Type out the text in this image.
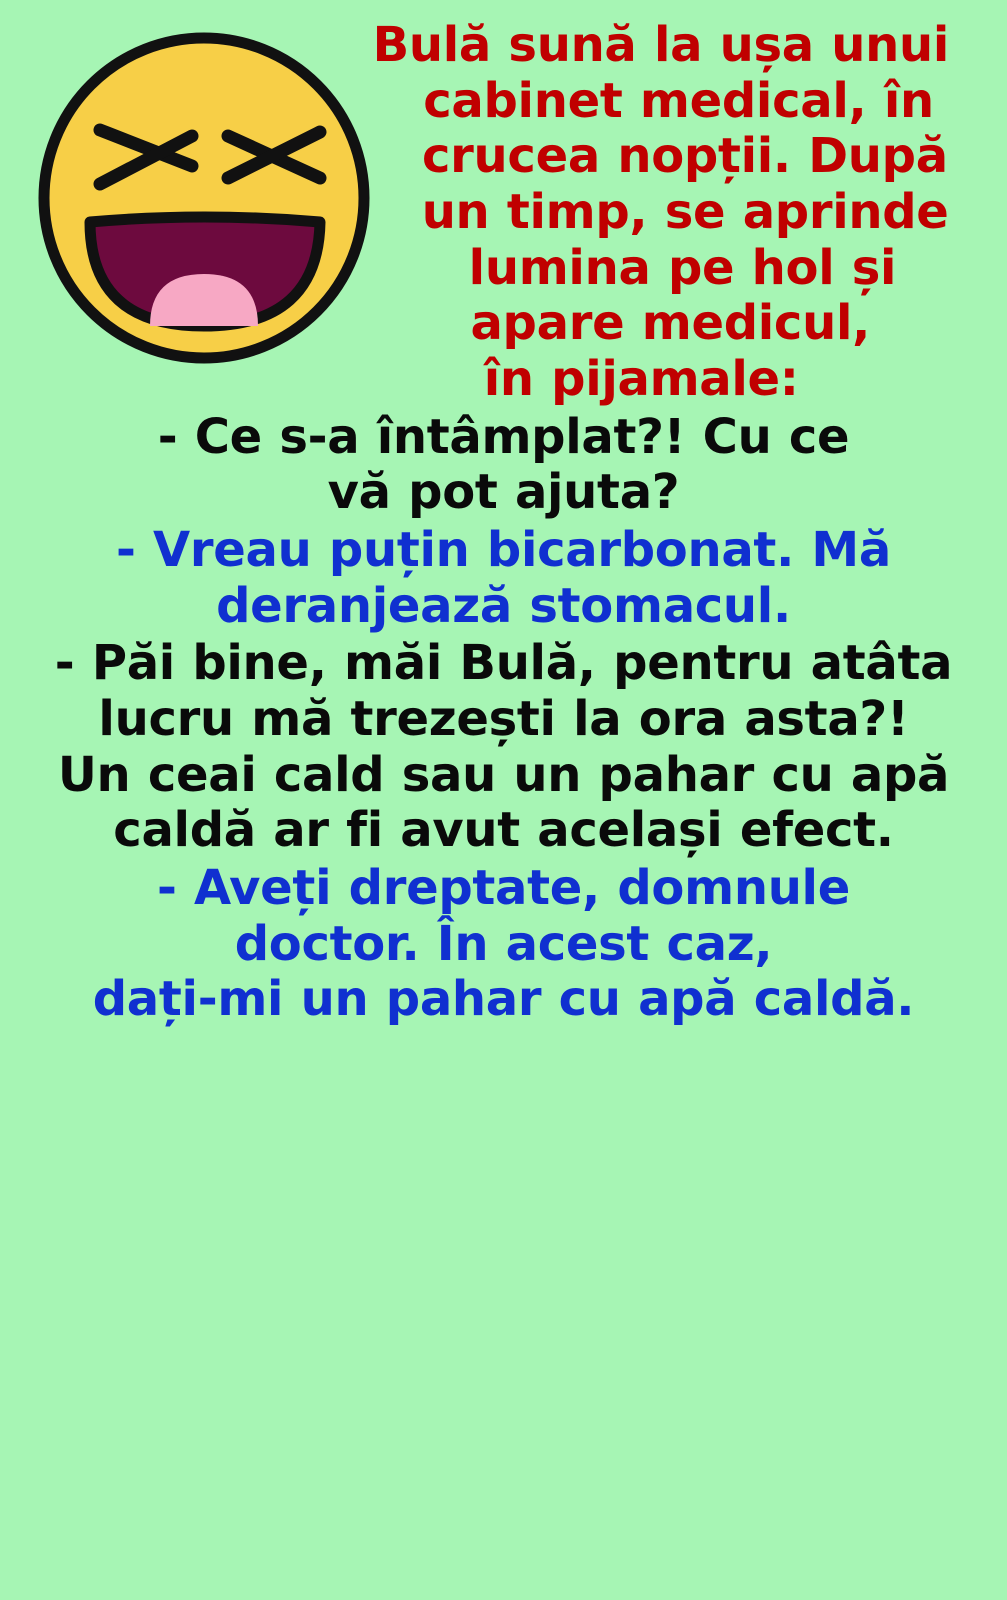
Bulă sună la ușa unui
cabinet medical, în
crucea nopții. După
un timp, se aprinde
lumina pe hol și apare medicul,
în pijamale:
- Ce s-a întâmplat?! Cu ce
vă pot ajuta?
- Vreau puțin bicarbonat. Mă
deranjează stomacul.
- Păi bine, măi Bulă, pentru atâta
lucru mă trezești la ora asta?!
Un ceai cald sau un pahar cu apă
caldă ar fi avut același efect.
- Aveți dreptate, domnule
doctor. În acest caz,
dați-mi un pahar cu apă caldă.
